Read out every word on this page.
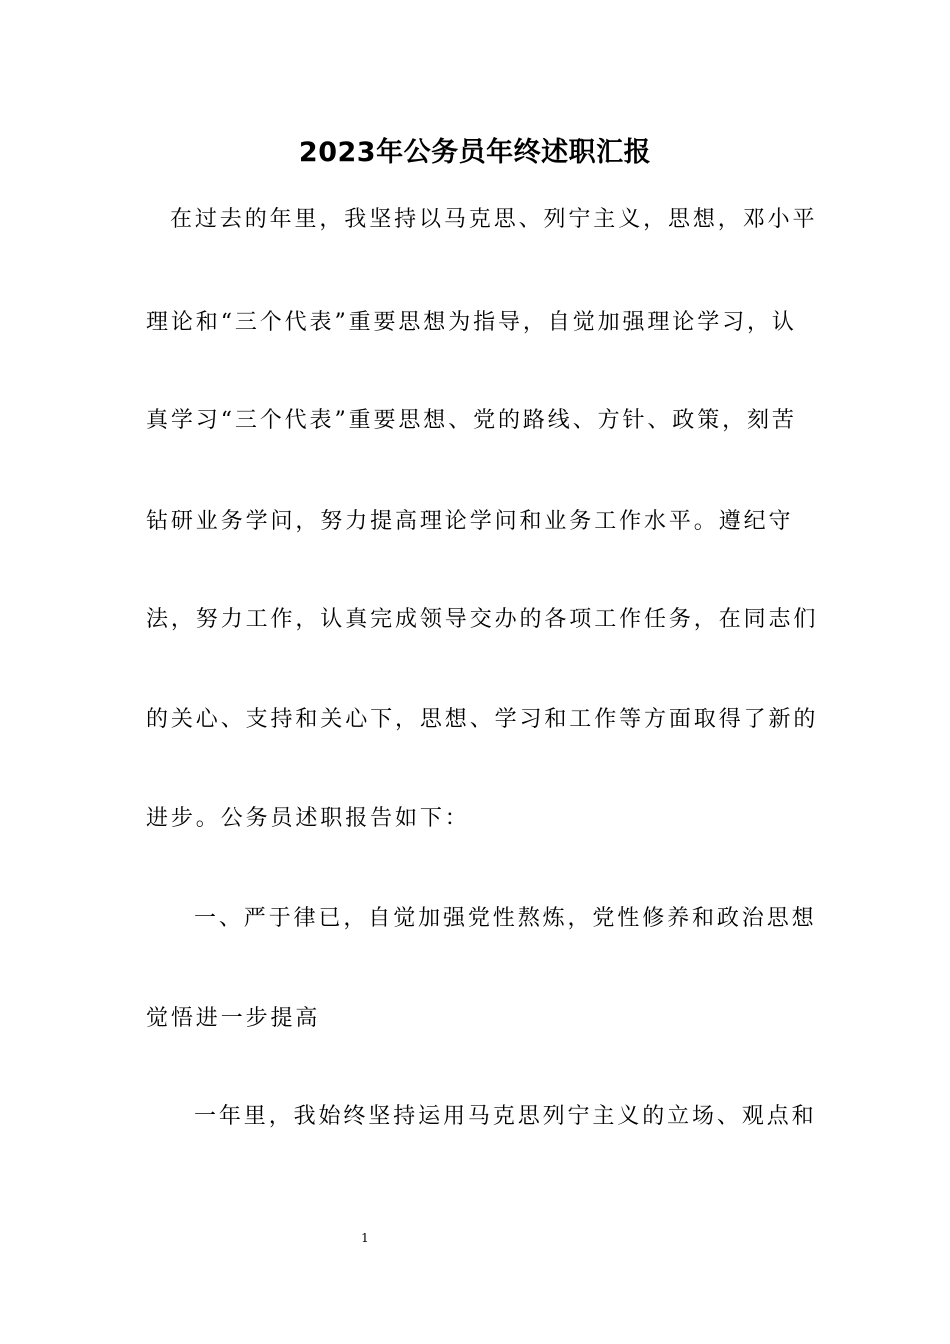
2023年公务员年终述职汇报

在过去的年里，我坚持以马克思、列宁主义，思想，邓小平

理论和“三个代表”重要思想为指导，自觉加强理论学习，认

真学习“三个代表”重要思想、党的路线、方针、政策，刻苦

钻研业务学问，努力提高理论学问和业务工作水平。遵纪守

法，努力工作，认真完成领导交办的各项工作任务，在同志们

的关心、支持和关心下，思想、学习和工作等方面取得了新的

进步。公务员述职报告如下：

一、严于律已，自觉加强党性熬炼，党性修养和政治思想

觉悟进一步提高

一年里，我始终坚持运用马克思列宁主义的立场、观点和

1
